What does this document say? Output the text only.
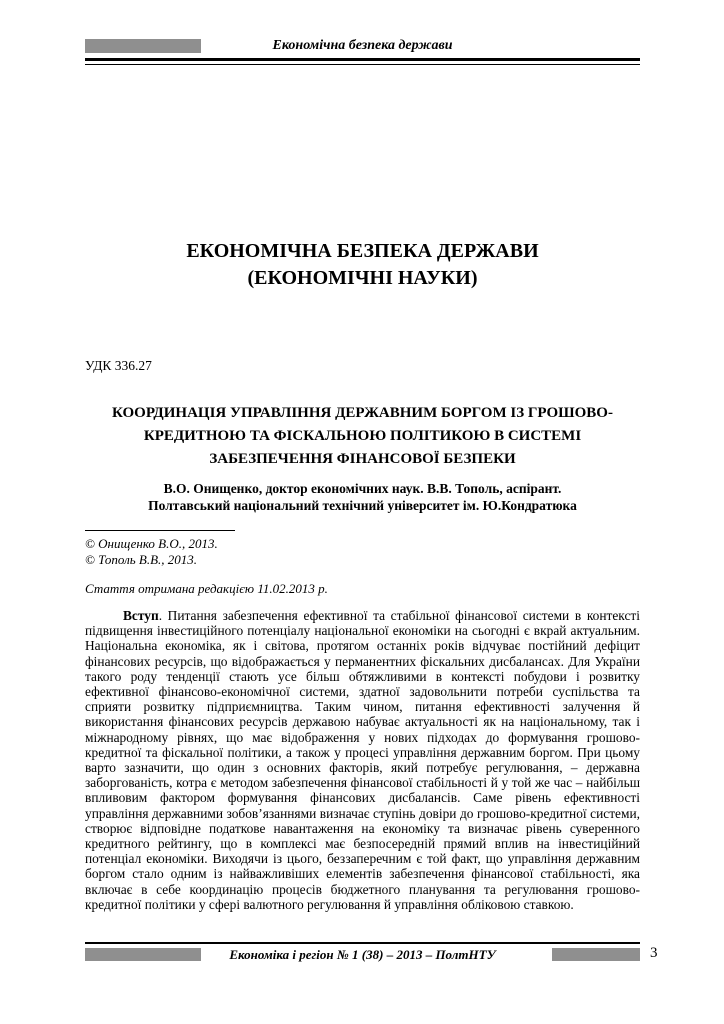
Економічна безпека держави
ЕКОНОМІЧНА БЕЗПЕКА ДЕРЖАВИ
(ЕКОНОМІЧНІ НАУКИ)
УДК 336.27
КООРДИНАЦІЯ УПРАВЛІННЯ ДЕРЖАВНИМ БОРГОМ ІЗ ГРОШОВО-КРЕДИТНОЮ ТА ФІСКАЛЬНОЮ ПОЛІТИКОЮ В СИСТЕМІ ЗАБЕЗПЕЧЕННЯ ФІНАНСОВОЇ БЕЗПЕКИ
В.О. Онищенко, доктор економічних наук. В.В. Тополь, аспірант.
Полтавський національний технічний університет ім. Ю.Кондратюка
© Онищенко В.О., 2013.
© Тополь В.В., 2013.
Стаття отримана редакцією 11.02.2013 р.
Вступ. Питання забезпечення ефективної та стабільної фінансової системи в контексті підвищення інвестиційного потенціалу національної економіки на сьогодні є вкрай актуальним. Національна економіка, як і світова, протягом останніх років відчуває постійний дефіцит фінансових ресурсів, що відображається у перманентних фіскальних дисбалансах. Для України такого роду тенденції стають усе більш обтяжливими в контексті побудови і розвитку ефективної фінансово-економічної системи, здатної задовольнити потреби суспільства та сприяти розвитку підприємництва. Таким чином, питання ефективності залучення й використання фінансових ресурсів державою набуває актуальності як на національному, так і міжнародному рівнях, що має відображення у нових підходах до формування грошово-кредитної та фіскальної політики, а також у процесі управління державним боргом. При цьому варто зазначити, що один з основних факторів, який потребує регулювання, – державна заборгованість, котра є методом забезпечення фінансової стабільності й у той же час – найбільш впливовим фактором формування фінансових дисбалансів. Саме рівень ефективності управління державними зобов’язаннями визначає ступінь довіри до грошово-кредитної системи, створює відповідне податкове навантаження на економіку та визначає рівень суверенного кредитного рейтингу, що в комплексі має безпосередній прямий вплив на інвестиційний потенціал економіки. Виходячи із цього, беззаперечним є той факт, що управління державним боргом стало одним із найважливіших елементів забезпечення фінансової стабільності, яка включає в себе координацію процесів бюджетного планування та регулювання грошово-кредитної політики у сфері валютного регулювання й управління обліковою ставкою.
Економіка і регіон № 1 (38) – 2013 – ПолтНТУ	3
